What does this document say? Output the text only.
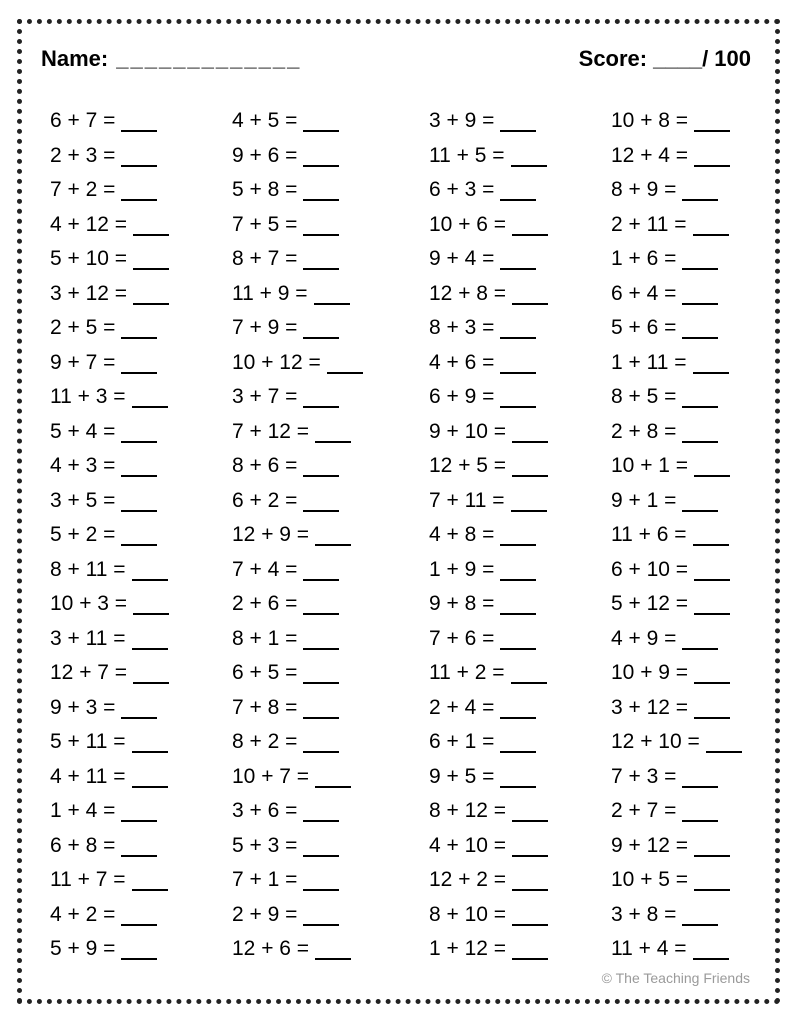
Name: _____________	Score: ____/ 100
6 + 7 =	4 + 5 =	3 + 9 =	10 + 8 =
2 + 3 =	9 + 6 =	11 + 5 =	12 + 4 =
7 + 2 =	5 + 8 =	6 + 3 =	8 + 9 =
4 + 12 =	7 + 5 =	10 + 6 =	2 + 11 =
5 + 10 =	8 + 7 =	9 + 4 =	1 + 6 =
3 + 12 =	11 + 9 =	12 + 8 =	6 + 4 =
2 + 5 =	7 + 9 =	8 + 3 =	5 + 6 =
9 + 7 =	10 + 12 =	4 + 6 =	1 + 11 =
11 + 3 =	3 + 7 =	6 + 9 =	8 + 5 =
5 + 4 =	7 + 12 =	9 + 10 =	2 + 8 =
4 + 3 =	8 + 6 =	12 + 5 =	10 + 1 =
3 + 5 =	6 + 2 =	7 + 11 =	9 + 1 =
5 + 2 =	12 + 9 =	4 + 8 =	11 + 6 =
8 + 11 =	7 + 4 =	1 + 9 =	6 + 10 =
10 + 3 =	2 + 6 =	9 + 8 =	5 + 12 =
3 + 11 =	8 + 1 =	7 + 6 =	4 + 9 =
12 + 7 =	6 + 5 =	11 + 2 =	10 + 9 =
9 + 3 =	7 + 8 =	2 + 4 =	3 + 12 =
5 + 11 =	8 + 2 =	6 + 1 =	12 + 10 =
4 + 11 =	10 + 7 =	9 + 5 =	7 + 3 =
1 + 4 =	3 + 6 =	8 + 12 =	2 + 7 =
6 + 8 =	5 + 3 =	4 + 10 =	9 + 12 =
11 + 7 =	7 + 1 =	12 + 2 =	10 + 5 =
4 + 2 =	2 + 9 =	8 + 10 =	3 + 8 =
5 + 9 =	12 + 6 =	1 + 12 =	11 + 4 =
© The Teaching Friends
